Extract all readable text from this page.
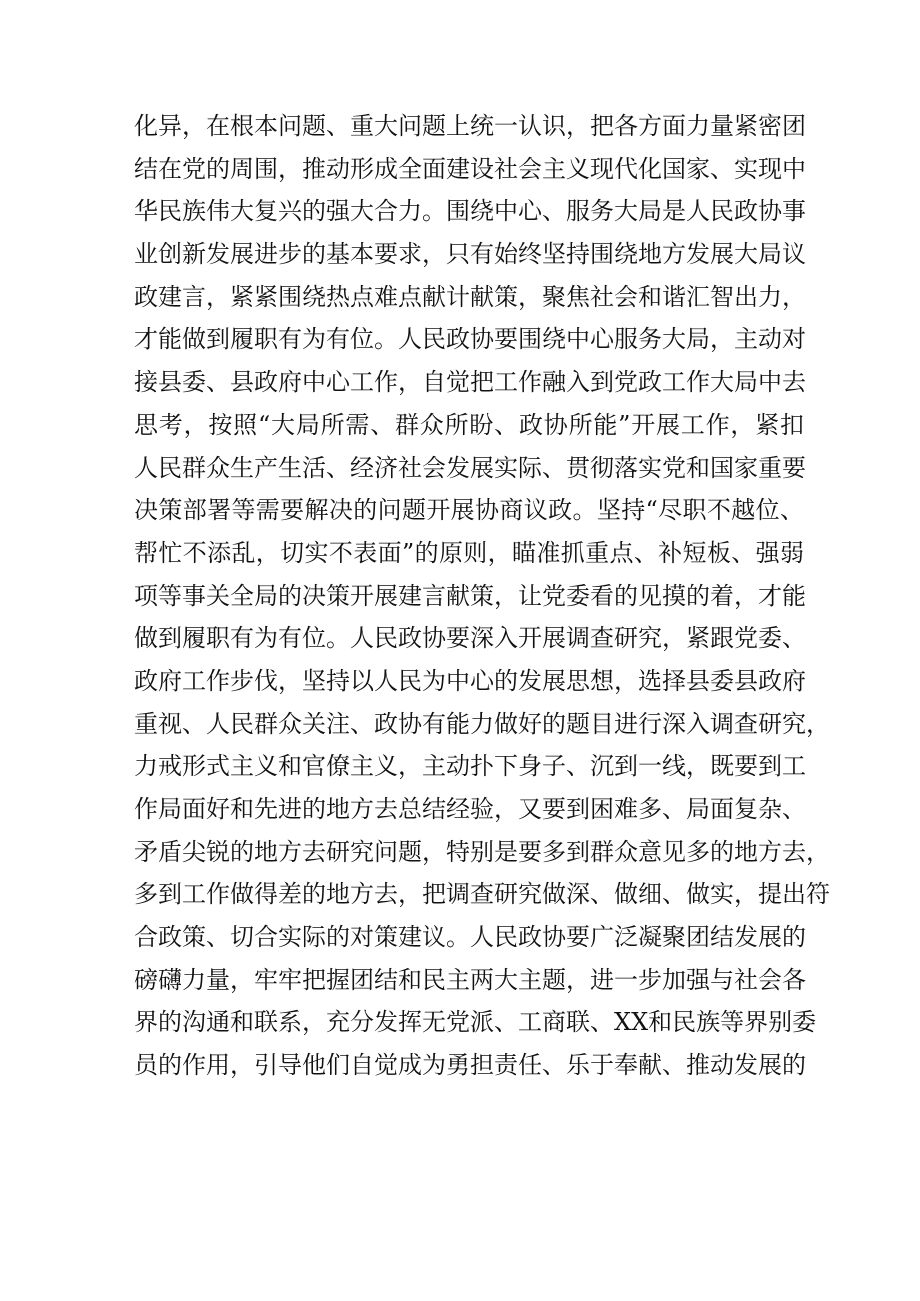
化异，在根本问题、重大问题上统一认识，把各方面力量紧密团
结在党的周围，推动形成全面建设社会主义现代化国家、实现中
华民族伟大复兴的强大合力。围绕中心、服务大局是人民政协事
业创新发展进步的基本要求，只有始终坚持围绕地方发展大局议
政建言，紧紧围绕热点难点献计献策，聚焦社会和谐汇智出力，
才能做到履职有为有位。人民政协要围绕中心服务大局，主动对
接县委、县政府中心工作，自觉把工作融入到党政工作大局中去
思考，按照“大局所需、群众所盼、政协所能”开展工作，紧扣
人民群众生产生活、经济社会发展实际、贯彻落实党和国家重要
决策部署等需要解决的问题开展协商议政。坚持“尽职不越位、
帮忙不添乱，切实不表面”的原则，瞄准抓重点、补短板、强弱
项等事关全局的决策开展建言献策，让党委看的见摸的着，才能
做到履职有为有位。人民政协要深入开展调查研究，紧跟党委、
政府工作步伐，坚持以人民为中心的发展思想，选择县委县政府
重视、人民群众关注、政协有能力做好的题目进行深入调查研究，
力戒形式主义和官僚主义，主动扑下身子、沉到一线，既要到工
作局面好和先进的地方去总结经验，又要到困难多、局面复杂、
矛盾尖锐的地方去研究问题，特别是要多到群众意见多的地方去，
多到工作做得差的地方去，把调查研究做深、做细、做实，提出符
合政策、切合实际的对策建议。人民政协要广泛凝聚团结发展的
磅礴力量，牢牢把握团结和民主两大主题，进一步加强与社会各
界的沟通和联系，充分发挥无党派、工商联、XX和民族等界别委
员的作用，引导他们自觉成为勇担责任、乐于奉献、推动发展的
